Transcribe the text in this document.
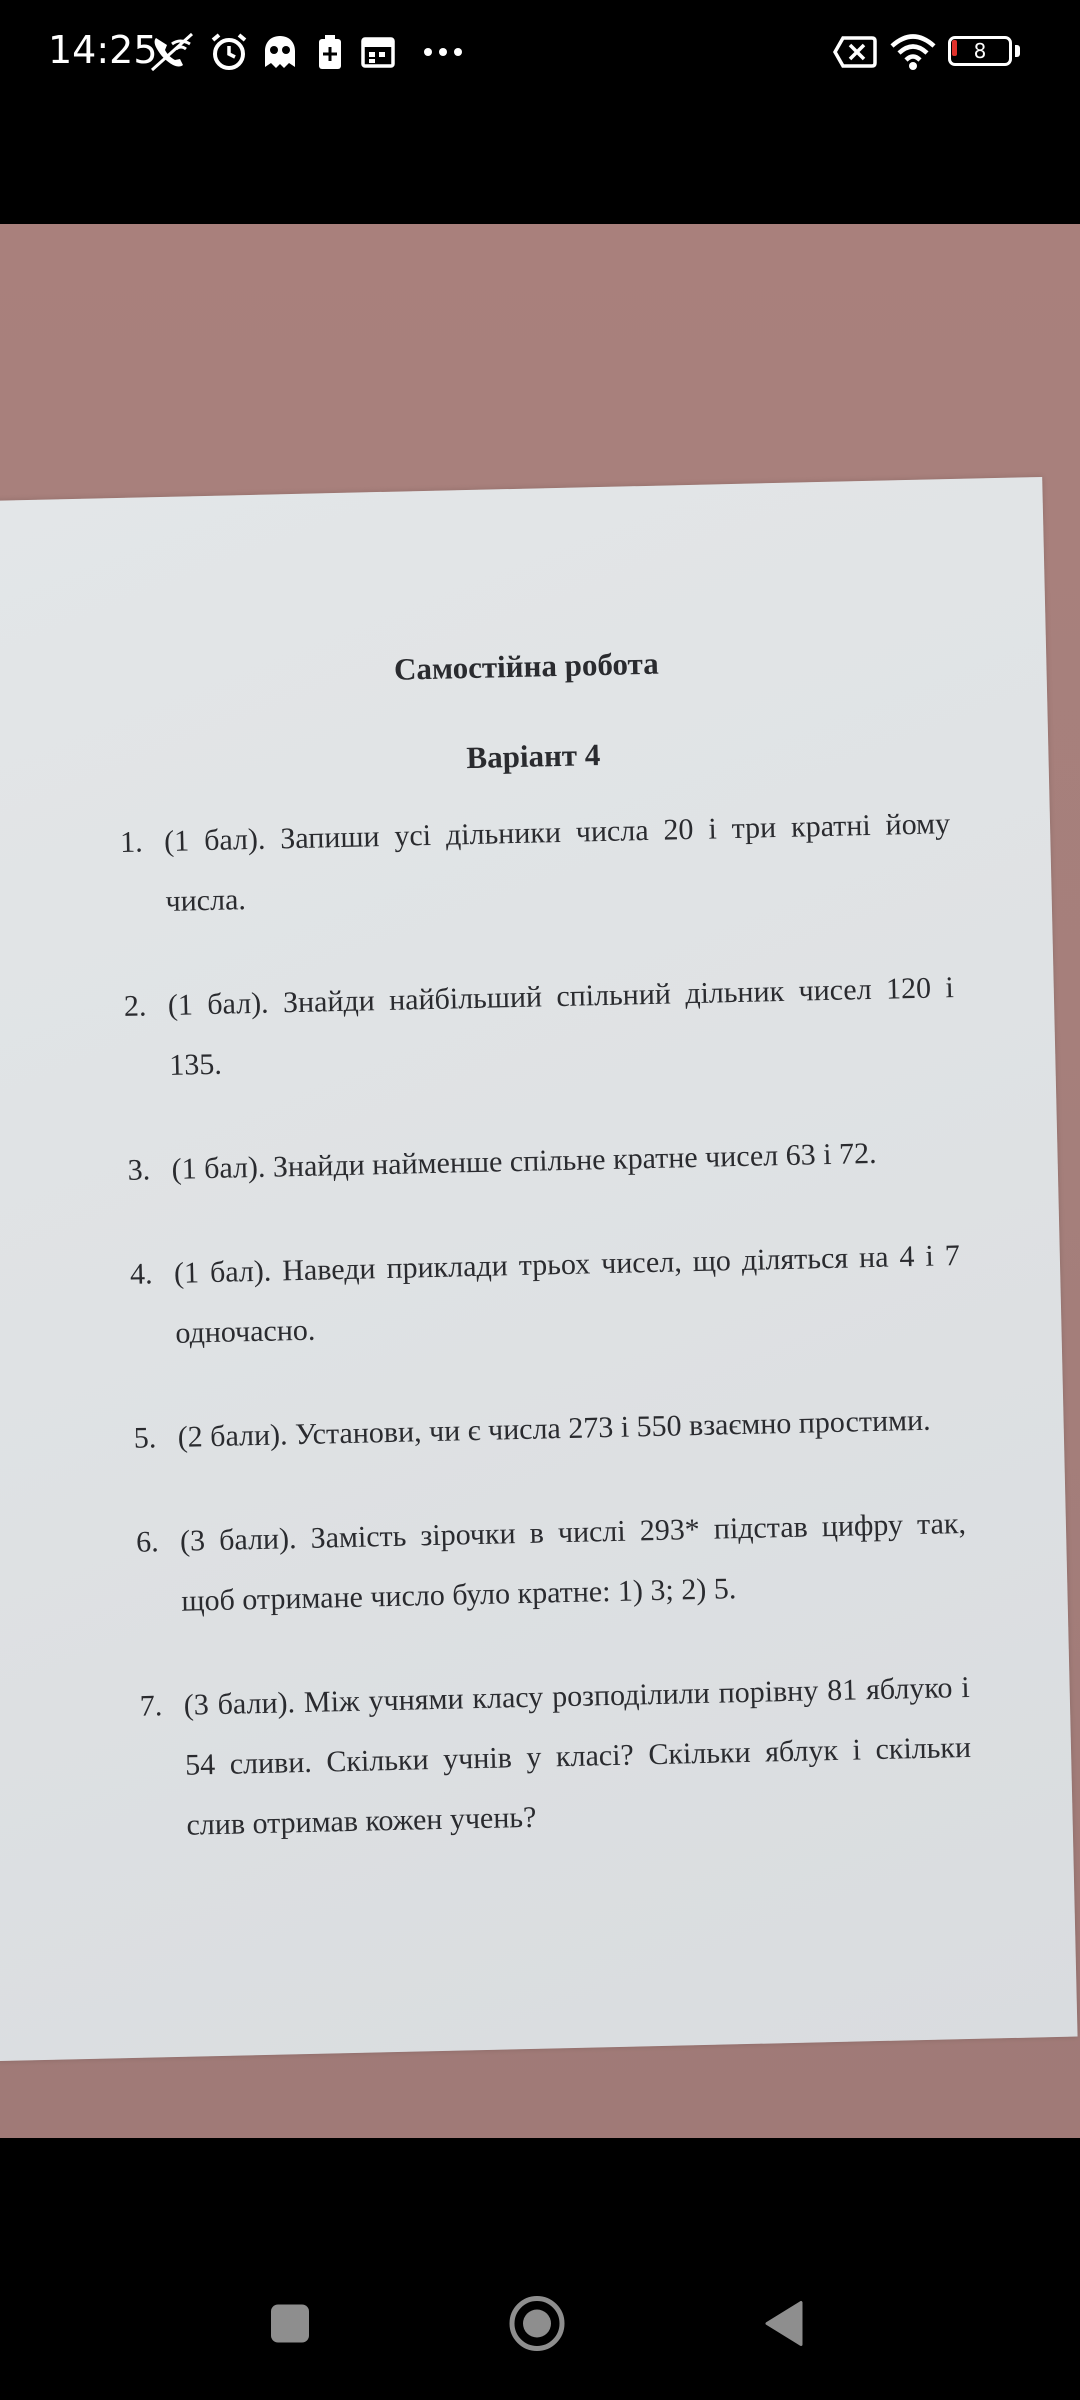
14:25	8
Самостійна робота
Варіант 4
1. (1 бал). Запиши усі дільники числа 20 і три кратні йому числа.
2. (1 бал). Знайди найбільший спільний дільник чисел 120 і 135.
3. (1 бал). Знайди найменше спільне кратне чисел 63 і 72.
4. (1 бал). Наведи приклади трьох чисел, що діляться на 4 і 7 одночасно.
5. (2 бали). Установи, чи є числа 273 і 550 взаємно простими.
6. (3 бали). Замість зірочки в числі 293* підстав цифру так, щоб отримане число було кратне: 1) 3; 2) 5.
7. (3 бали). Між учнями класу розподілили порівну 81 яблуко і 54 сливи. Скільки учнів у класі? Скільки яблук і скільки слив отримав кожен учень?
